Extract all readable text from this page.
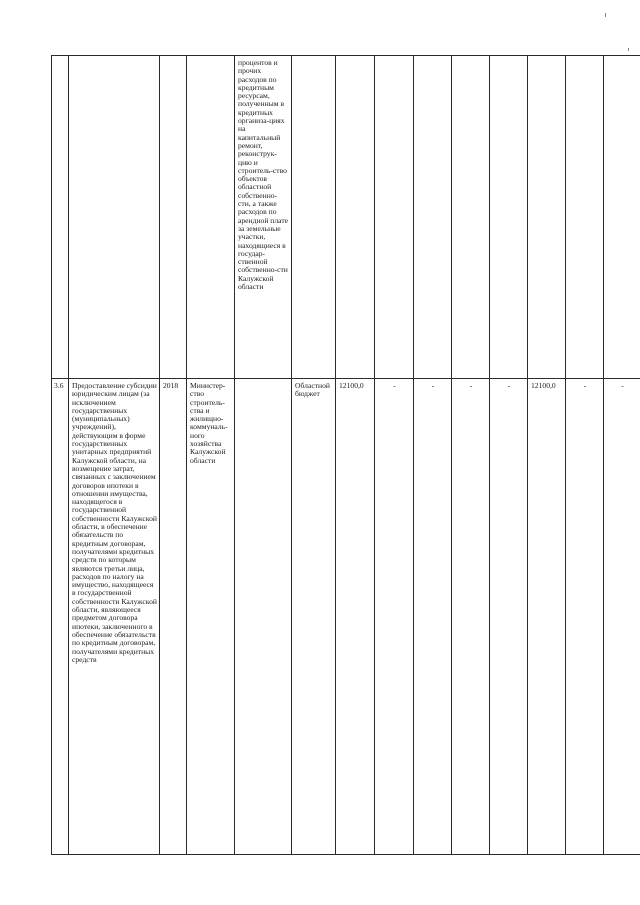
				процентов и прочих расходов по кредитным ресурсам, полученным в кредитных организа-циях на капитальный ремонт, реконструк-цию и строитель-ство объектов областной собственно-сти, а также расходов по арендной плате за земельные участки, находящиеся в государ-ственной собственно-сти Калужской области										
3.6	Предоставление субсидии юридическим лицам (за исключением государственных (муниципальных) учреждений), действующим в форме государственных унитарных предприятий Калужской области, на возмещение затрат, связанных с заключением договоров ипотеки в отношении имущества, находящегося в государственной собственности Калужской области, в обеспечение обязательств по кредитным договорам, получателями кредитных средств по которым являются третьи лица, расходов по налогу на имущество, находящееся в государственной собственности Калужской области, являющееся предметом договора ипотеки, заключенного в обеспечение обязательств по кредитным договорам, получателями кредитных средств	2018	Министер-ство строитель-ства и жилищно-коммуналь-ного хозяйства Калужской области		Областной бюджет	12100,0	-	-	-	-	12100,0	-	-	
